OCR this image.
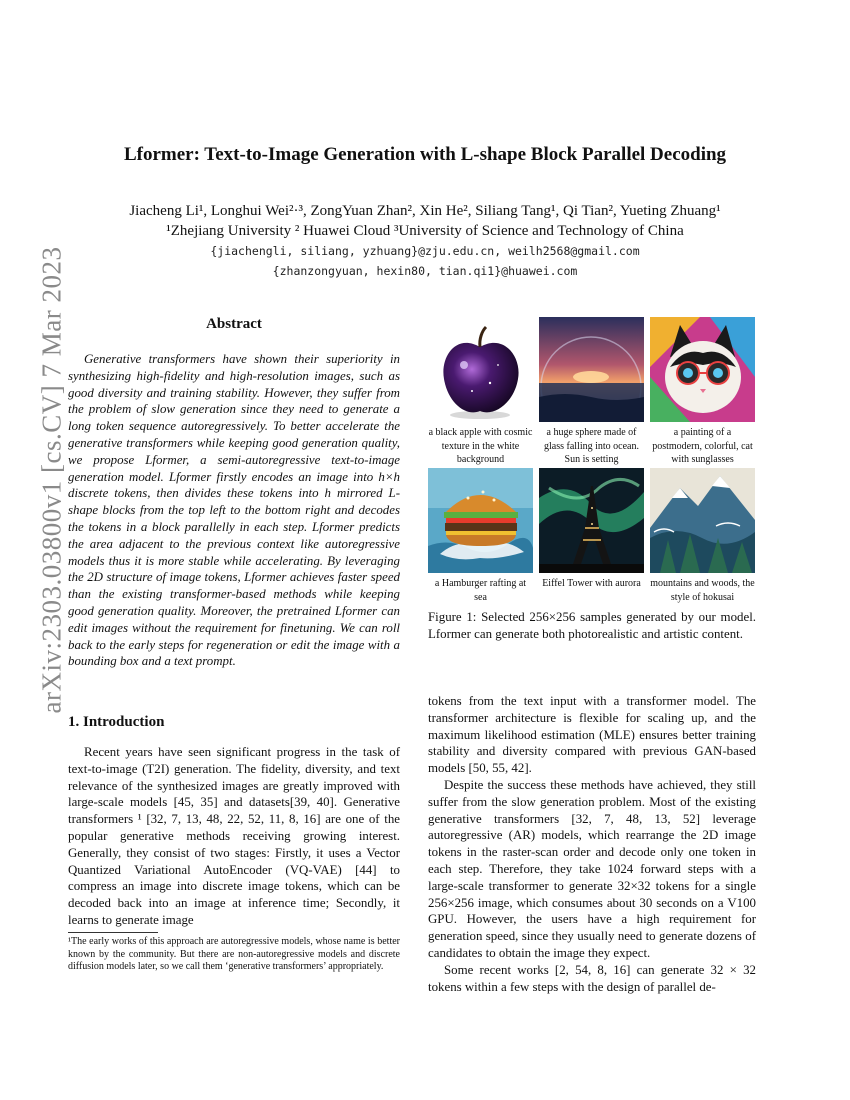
Lformer: Text-to-Image Generation with L-shape Block Parallel Decoding
Jiacheng Li¹, Longhui Wei²·³, ZongYuan Zhan², Xin He², Siliang Tang¹, Qi Tian², Yueting Zhuang¹
¹Zhejiang University ² Huawei Cloud ³University of Science and Technology of China
{jiachengli, siliang, yzhuang}@zju.edu.cn, weilh2568@gmail.com
{zhanzongyuan, hexin80, tian.qi1}@huawei.com
arXiv:2303.03800v1 [cs.CV] 7 Mar 2023	Abstract

Generative transformers have shown their superiority in synthesizing high-fidelity and high-resolution images, such as good diversity and training stability. However, they suffer from the problem of slow generation since they need to generate a long token sequence autoregressively. To better accelerate the generative transformers while keeping good generation quality, we propose Lformer, a semi-autoregressive text-to-image generation model. Lformer firstly encodes an image into h×h discrete tokens, then divides these tokens into h mirrored L-shape blocks from the top left to the bottom right and decodes the tokens in a block parallelly in each step. Lformer predicts the area adjacent to the previous context like autoregressive models thus it is more stable while accelerating. By leveraging the 2D structure of image tokens, Lformer achieves faster speed than the existing transformer-based methods while keeping good generation quality. Moreover, the pretrained Lformer can edit images without the requirement for finetuning. We can roll back to the early steps for regeneration or edit the image with a bounding box and a text prompt.

1. Introduction

Recent years have seen significant progress in the task of text-to-image (T2I) generation. The fidelity, diversity, and text relevance of the synthesized images are greatly improved with large-scale models [45, 35] and datasets[39, 40]. Generative transformers ¹ [32, 7, 13, 48, 22, 52, 11, 8, 16] are one of the popular generative methods receiving growing interest. Generally, they consist of two stages: Firstly, it uses a Vector Quantized Variational AutoEncoder (VQ-VAE) [44] to compress an image into discrete image tokens, which can be decoded back into an image at inference time; Secondly, it learns to generate image

¹The early works of this approach are autoregressive models, whose name is better known by the community. But there are non-autoregressive models and discrete diffusion models later, so we call them ‘generative transformers’ appropriately.
a black apple with cosmic texture in the white background
a huge sphere made of glass falling into ocean. Sun is setting
a painting of a postmodern, colorful, cat with sunglasses
a Hamburger rafting at sea
Eiffel Tower with aurora mountains and woods, the style of hokusai
Figure 1: Selected 256×256 samples generated by our model. Lformer can generate both photorealistic and artistic content.

tokens from the text input with a transformer model. The transformer architecture is flexible for scaling up, and the maximum likelihood estimation (MLE) ensures better training stability and diversity compared with previous GAN-based models [50, 55, 42].

Despite the success these methods have achieved, they still suffer from the slow generation problem. Most of the existing generative transformers [32, 7, 48, 13, 52] leverage autoregressive (AR) models, which rearrange the 2D image tokens in the raster-scan order and decode only one token in each step. Therefore, they take 1024 forward steps with a large-scale transformer to generate 32×32 tokens for a single 256×256 image, which consumes about 30 seconds on a V100 GPU. However, the users have a high requirement for generation speed, since they usually need to generate dozens of candidates to obtain the image they expect.

Some recent works [2, 54, 8, 16] can generate 32 × 32 tokens within a few steps with the design of parallel de-
